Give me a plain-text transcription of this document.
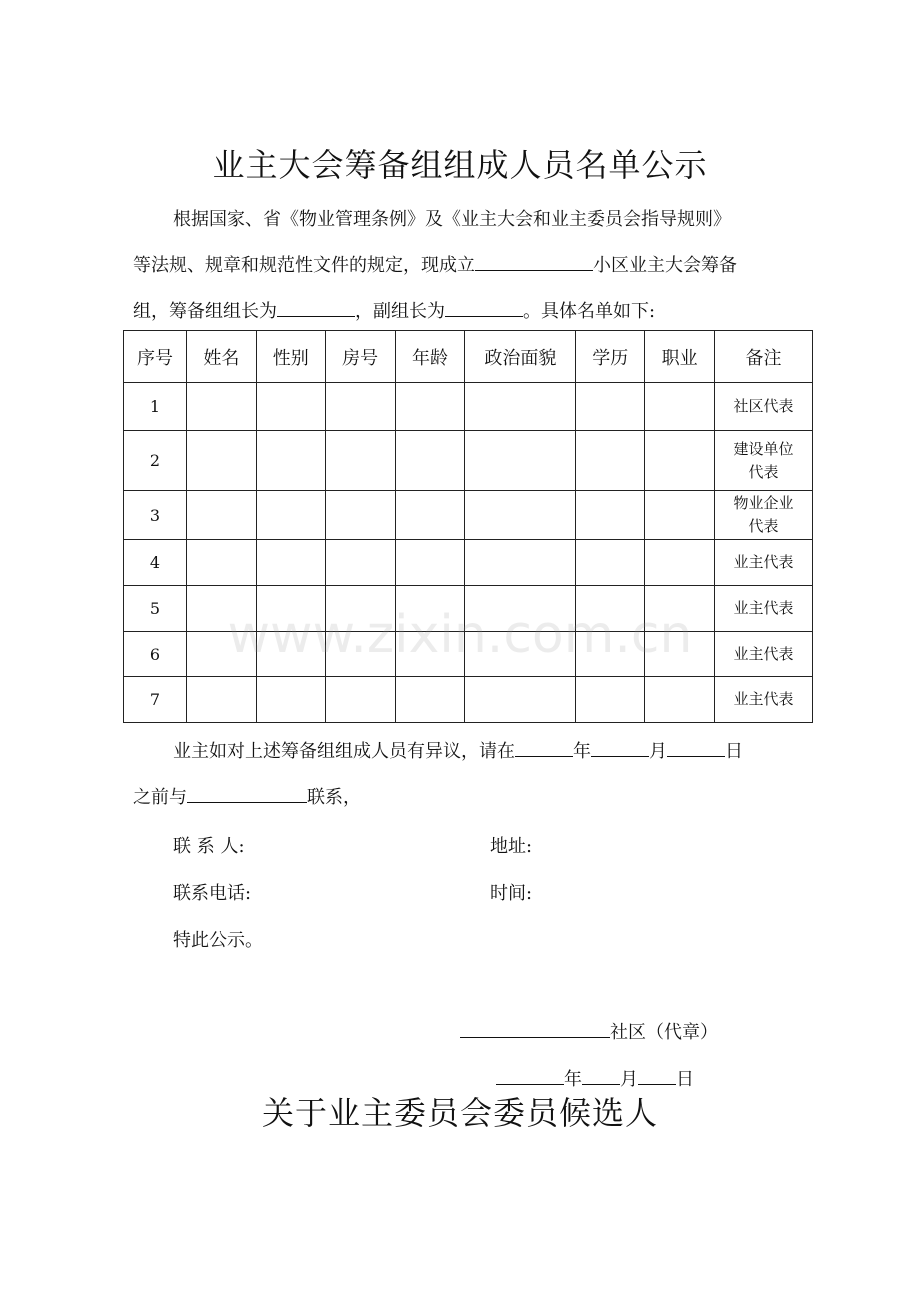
业主大会筹备组组成人员名单公示
根据国家、省《物业管理条例》及《业主大会和业主委员会指导规则》
等法规、规章和规范性文件的规定，现成立	小区业主大会筹备
组，筹备组组长为	，副组长为	。具体名单如下:
序号	姓名	性别	房号	年龄	政治面貌	学历	职业	备注
1								社区代表
2								建设单位代表
3								物业企业代表
4								业主代表
5								业主代表
6								业主代表
7								业主代表
业主如对上述筹备组组成人员有异议，请在	年	月	日
之前与	联系，
联 系 人:	地址:
联系电话:	时间:
特此公示。
社区（代章）
年 月 日
关于业主委员会委员候选人
www.zixin.com.cn
